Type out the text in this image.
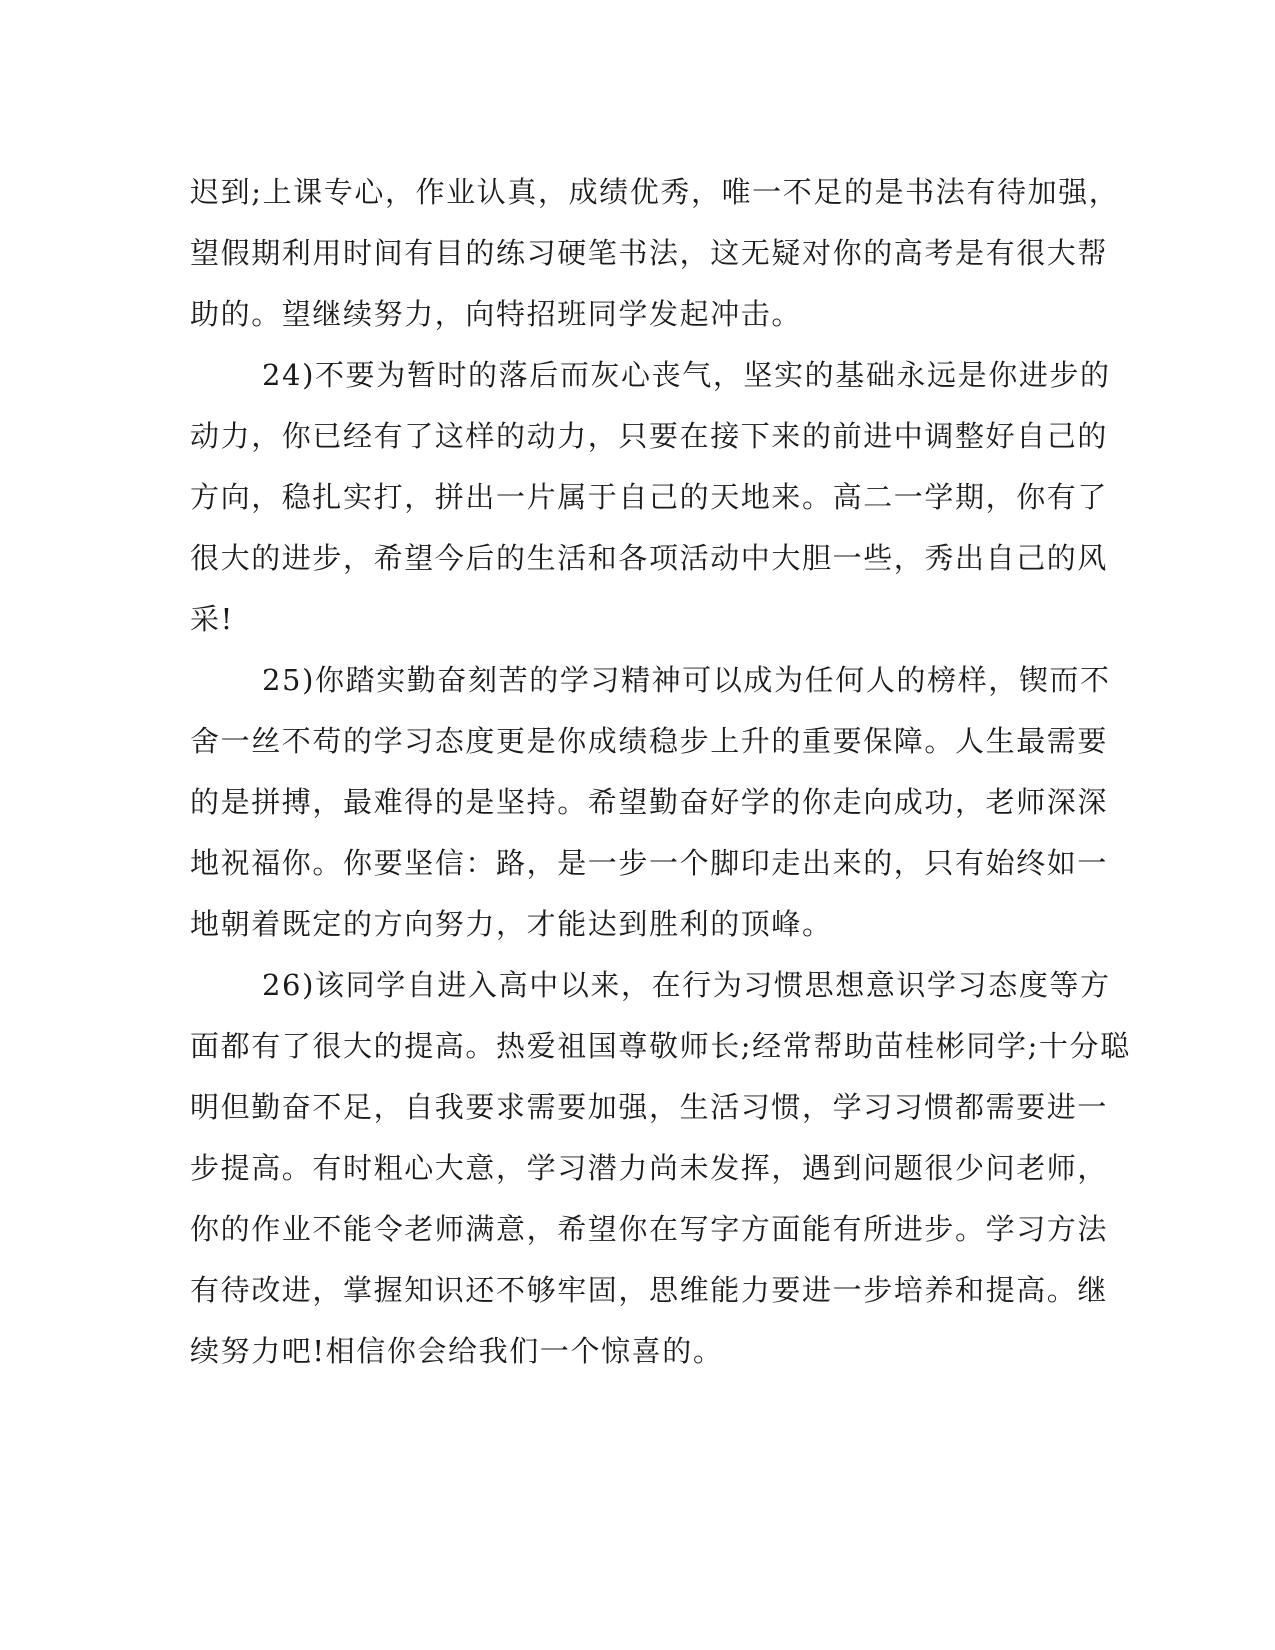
迟到;上课专心，作业认真，成绩优秀，唯一不足的是书法有待加强，
望假期利用时间有目的练习硬笔书法，这无疑对你的高考是有很大帮
助的。望继续努力，向特招班同学发起冲击。
24)不要为暂时的落后而灰心丧气，坚实的基础永远是你进步的
动力，你已经有了这样的动力，只要在接下来的前进中调整好自己的
方向，稳扎实打，拼出一片属于自己的天地来。高二一学期，你有了
很大的进步，希望今后的生活和各项活动中大胆一些，秀出自己的风
采!
25)你踏实勤奋刻苦的学习精神可以成为任何人的榜样，锲而不
舍一丝不苟的学习态度更是你成绩稳步上升的重要保障。人生最需要
的是拼搏，最难得的是坚持。希望勤奋好学的你走向成功，老师深深
地祝福你。你要坚信：路，是一步一个脚印走出来的，只有始终如一
地朝着既定的方向努力，才能达到胜利的顶峰。
26)该同学自进入高中以来，在行为习惯思想意识学习态度等方
面都有了很大的提高。热爱祖国尊敬师长;经常帮助苗桂彬同学;十分聪
明但勤奋不足，自我要求需要加强，生活习惯，学习习惯都需要进一
步提高。有时粗心大意，学习潜力尚未发挥，遇到问题很少问老师，
你的作业不能令老师满意，希望你在写字方面能有所进步。学习方法
有待改进，掌握知识还不够牢固，思维能力要进一步培养和提高。继
续努力吧!相信你会给我们一个惊喜的。
